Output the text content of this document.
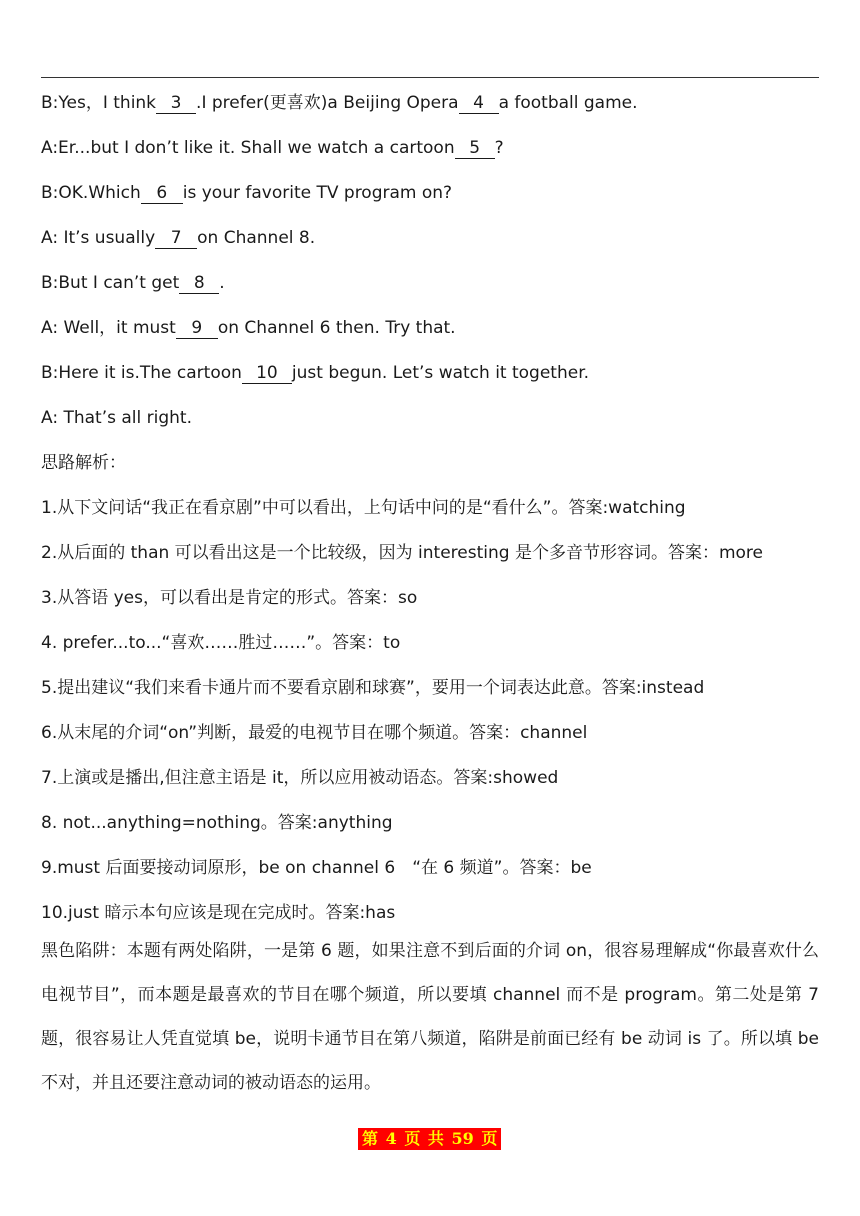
B:Yes，I think 3 .I prefer(更喜欢)a Beijing Opera 4 a football game.
A:Er...but I don’t like it. Shall we watch a cartoon 5 ?
B:OK.Which 6 is your favorite TV program on?
A: It’s usually 7 on Channel 8.
B:But I can’t get 8 .
A: Well，it must 9 on Channel 6 then. Try that.
B:Here it is.The cartoon 10 just begun. Let’s watch it together.
A: That’s all right.
思路解析：
1.从下文问话“我正在看京剧”中可以看出，上句话中问的是“看什么”。答案:watching
2.从后面的 than 可以看出这是一个比较级，因为 interesting 是个多音节形容词。答案：more
3.从答语 yes，可以看出是肯定的形式。答案：so
4. prefer...to...“喜欢……胜过……”。答案：to
5.提出建议“我们来看卡通片而不要看京剧和球赛”，要用一个词表达此意。答案:instead
6.从末尾的介词“on”判断，最爱的电视节目在哪个频道。答案：channel
7.上演或是播出,但注意主语是 it，所以应用被动语态。答案:showed
8. not...anything=nothing。答案:anything
9.must 后面要接动词原形，be on channel 6　“在 6 频道”。答案：be
10.just 暗示本句应该是现在完成时。答案:has
黑色陷阱：本题有两处陷阱，一是第 6 题，如果注意不到后面的介词 on，很容易理解成“你最喜欢什么电视节目”，而本题是最喜欢的节目在哪个频道，所以要填 channel 而不是 program。第二处是第 7 题，很容易让人凭直觉填 be，说明卡通节目在第八频道，陷阱是前面已经有 be 动词 is 了。所以填 be 不对，并且还要注意动词的被动语态的运用。
第 4 页 共 59 页
